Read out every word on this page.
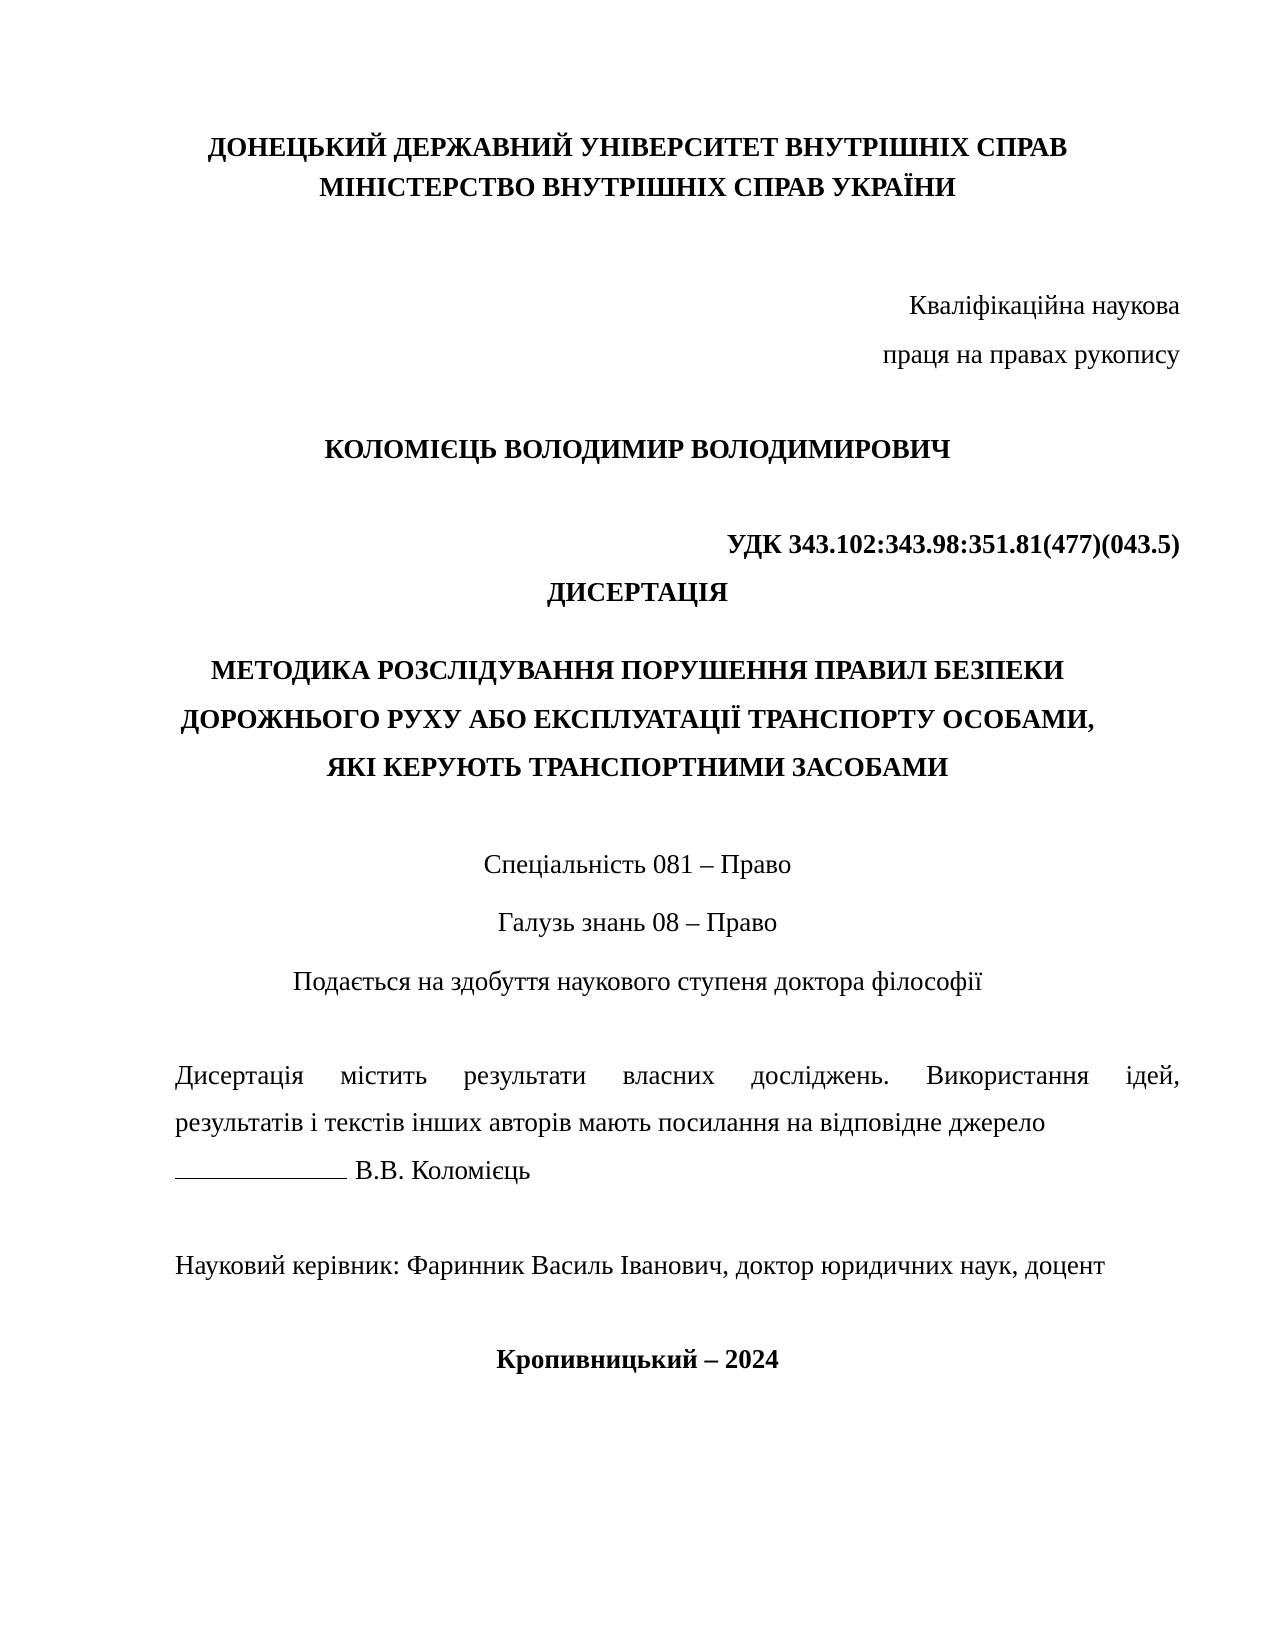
ДОНЕЦЬКИЙ ДЕРЖАВНИЙ УНІВЕРСИТЕТ ВНУТРІШНІХ СПРАВ
МІНІСТЕРСТВО ВНУТРІШНІХ СПРАВ УКРАЇНИ
Кваліфікаційна наукова
праця на правах рукопису
КОЛОМІЄЦЬ ВОЛОДИМИР ВОЛОДИМИРОВИЧ
УДК 343.102:343.98:351.81(477)(043.5)
ДИСЕРТАЦІЯ
МЕТОДИКА РОЗСЛІДУВАННЯ ПОРУШЕННЯ ПРАВИЛ БЕЗПЕКИ
ДОРОЖНЬОГО РУХУ АБО ЕКСПЛУАТАЦІЇ ТРАНСПОРТУ ОСОБАМИ,
ЯКІ КЕРУЮТЬ ТРАНСПОРТНИМИ ЗАСОБАМИ
Спеціальність 081 – Право
Галузь знань 08 – Право
Подається на здобуття наукового ступеня доктора філософії
Дисертація містить результати власних досліджень. Використання ідей,
результатів і текстів інших авторів мають посилання на відповідне джерело
В.В. Коломієць
Науковий керівник: Фаринник Василь Іванович, доктор юридичних наук, доцент
Кропивницький – 2024
